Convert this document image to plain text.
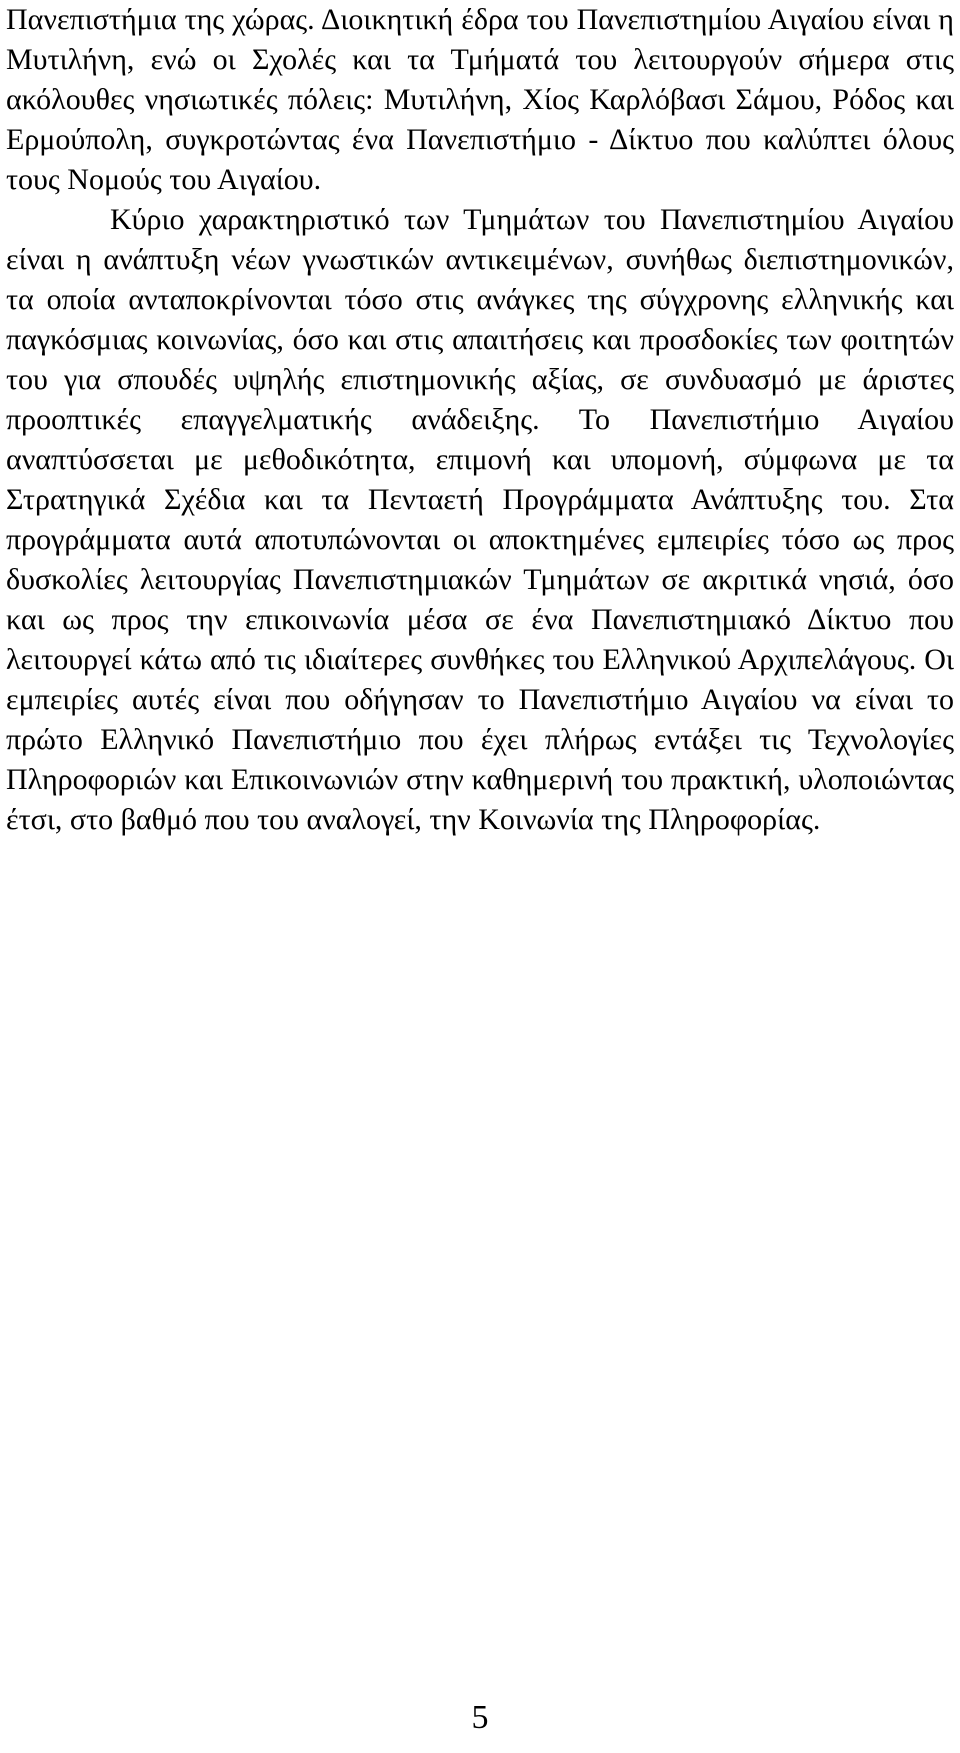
Πανεπιστήμια της χώρας. Διοικητική έδρα του Πανεπιστημίου Αιγαίου είναι η Μυτιλήνη, ενώ οι Σχολές και τα Τμήματά του λειτουργούν σήμερα στις ακόλουθες νησιωτικές πόλεις: Μυτιλήνη, Χίος Καρλόβασι Σάμου, Ρόδος και Ερμούπολη, συγκροτώντας ένα Πανεπιστήμιο - Δίκτυο που καλύπτει όλους τους Νομούς του Αιγαίου.

Κύριο χαρακτηριστικό των Τμημάτων του Πανεπιστημίου Αιγαίου είναι η ανάπτυξη νέων γνωστικών αντικειμένων, συνήθως διεπιστημονικών, τα οποία ανταποκρίνονται τόσο στις ανάγκες της σύγχρονης ελληνικής και παγκόσμιας κοινωνίας, όσο και στις απαιτήσεις και προσδοκίες των φοιτητών του για σπουδές υψηλής επιστημονικής αξίας, σε συνδυασμό με άριστες προοπτικές επαγγελματικής ανάδειξης. Το Πανεπιστήμιο Αιγαίου αναπτύσσεται με μεθοδικότητα, επιμονή και υπομονή, σύμφωνα με τα Στρατηγικά Σχέδια και τα Πενταετή Προγράμματα Ανάπτυξης του. Στα προγράμματα αυτά αποτυπώνονται οι αποκτημένες εμπειρίες τόσο ως προς δυσκολίες λειτουργίας Πανεπιστημιακών Τμημάτων σε ακριτικά νησιά, όσο και ως προς την επικοινωνία μέσα σε ένα Πανεπιστημιακό Δίκτυο που λειτουργεί κάτω από τις ιδιαίτερες συνθήκες του Ελληνικού Αρχιπελάγους. Οι εμπειρίες αυτές είναι που οδήγησαν το Πανεπιστήμιο Αιγαίου να είναι το πρώτο Ελληνικό Πανεπιστήμιο που έχει πλήρως εντάξει τις Τεχνολογίες Πληροφοριών και Επικοινωνιών στην καθημερινή του πρακτική, υλοποιώντας έτσι, στο βαθμό που του αναλογεί, την Κοινωνία της Πληροφορίας.

5
